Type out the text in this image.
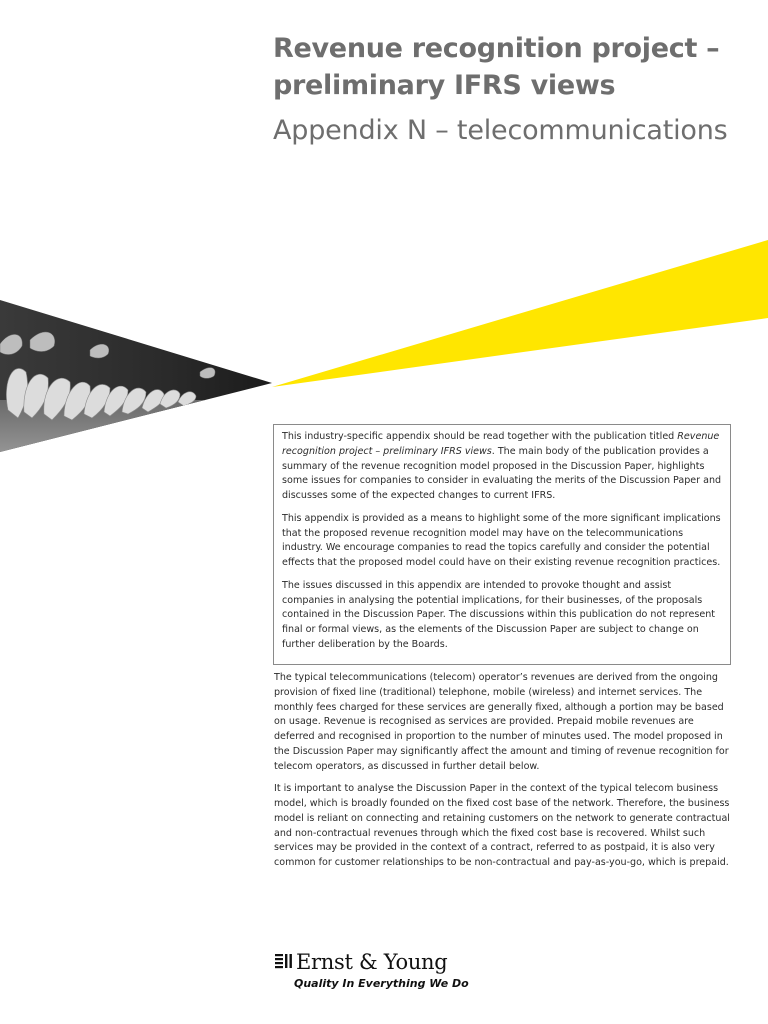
Revenue recognition project – preliminary IFRS views
Appendix N – telecommunications

This industry-specific appendix should be read together with the publication titled Revenue recognition project – preliminary IFRS views. The main body of the publication provides a summary of the revenue recognition model proposed in the Discussion Paper, highlights some issues for companies to consider in evaluating the merits of the Discussion Paper and discusses some of the expected changes to current IFRS.

This appendix is provided as a means to highlight some of the more significant implications that the proposed revenue recognition model may have on the telecommunications industry. We encourage companies to read the topics carefully and consider the potential effects that the proposed model could have on their existing revenue recognition practices.

The issues discussed in this appendix are intended to provoke thought and assist companies in analysing the potential implications, for their businesses, of the proposals contained in the Discussion Paper. The discussions within this publication do not represent final or formal views, as the elements of the Discussion Paper are subject to change on further deliberation by the Boards.

The typical telecommunications (telecom) operator’s revenues are derived from the ongoing provision of fixed line (traditional) telephone, mobile (wireless) and internet services. The monthly fees charged for these services are generally fixed, although a portion may be based on usage. Revenue is recognised as services are provided. Prepaid mobile revenues are deferred and recognised in proportion to the number of minutes used. The model proposed in the Discussion Paper may significantly affect the amount and timing of revenue recognition for telecom operators, as discussed in further detail below.

It is important to analyse the Discussion Paper in the context of the typical telecom business model, which is broadly founded on the fixed cost base of the network. Therefore, the business model is reliant on connecting and retaining customers on the network to generate contractual and non-contractual revenues through which the fixed cost base is recovered. Whilst such services may be provided in the context of a contract, referred to as postpaid, it is also very common for customer relationships to be non-contractual and pay-as-you-go, which is prepaid.

Ernst & Young
Quality In Everything We Do
